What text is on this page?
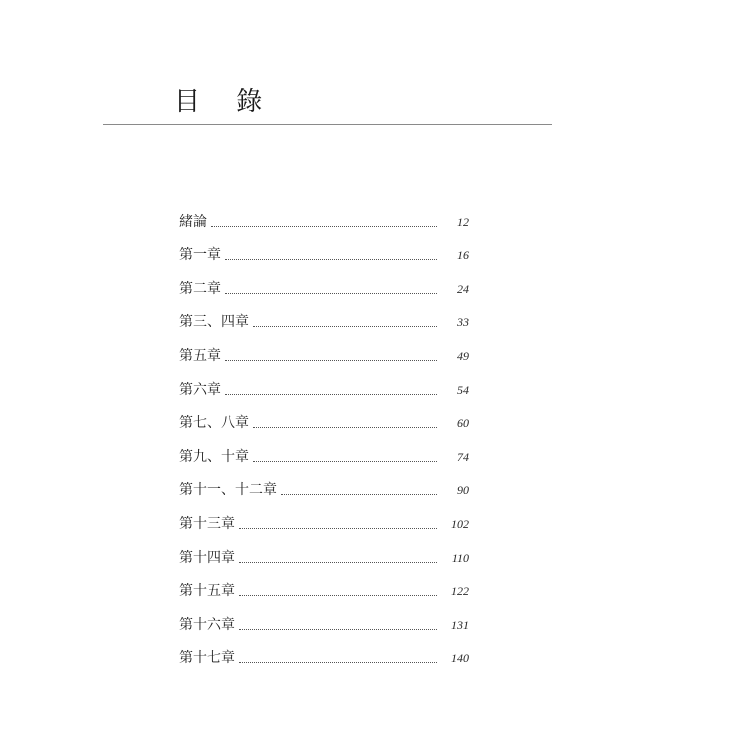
目 錄
緒論	12
第一章	16
第二章	24
第三、四章	33
第五章	49
第六章	54
第七、八章	60
第九、十章	74
第十一、十二章	90
第十三章	102
第十四章	110
第十五章	122
第十六章	131
第十七章	140
